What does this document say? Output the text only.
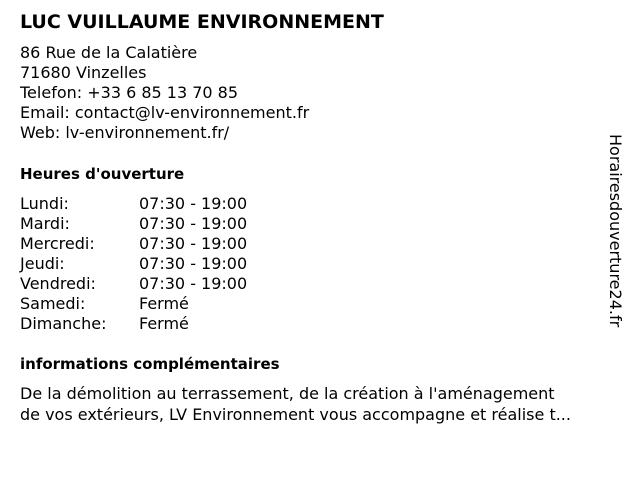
LUC VUILLAUME ENVIRONNEMENT
86 Rue de la Calatière
71680 Vinzelles
Telefon: +33 6 85 13 70 85
Email: contact@lv-environnement.fr
Web: lv-environnement.fr/
Heures d'ouverture
Lundi:	07:30 - 19:00
Mardi:	07:30 - 19:00
Mercredi:	07:30 - 19:00
Jeudi:	07:30 - 19:00
Vendredi:	07:30 - 19:00
Samedi:	Fermé
Dimanche:	Fermé
informations complémentaires
De la démolition au terrassement, de la création à l'aménagement
de vos extérieurs, LV Environnement vous accompagne et réalise t...
Horairesdouverture24.fr
